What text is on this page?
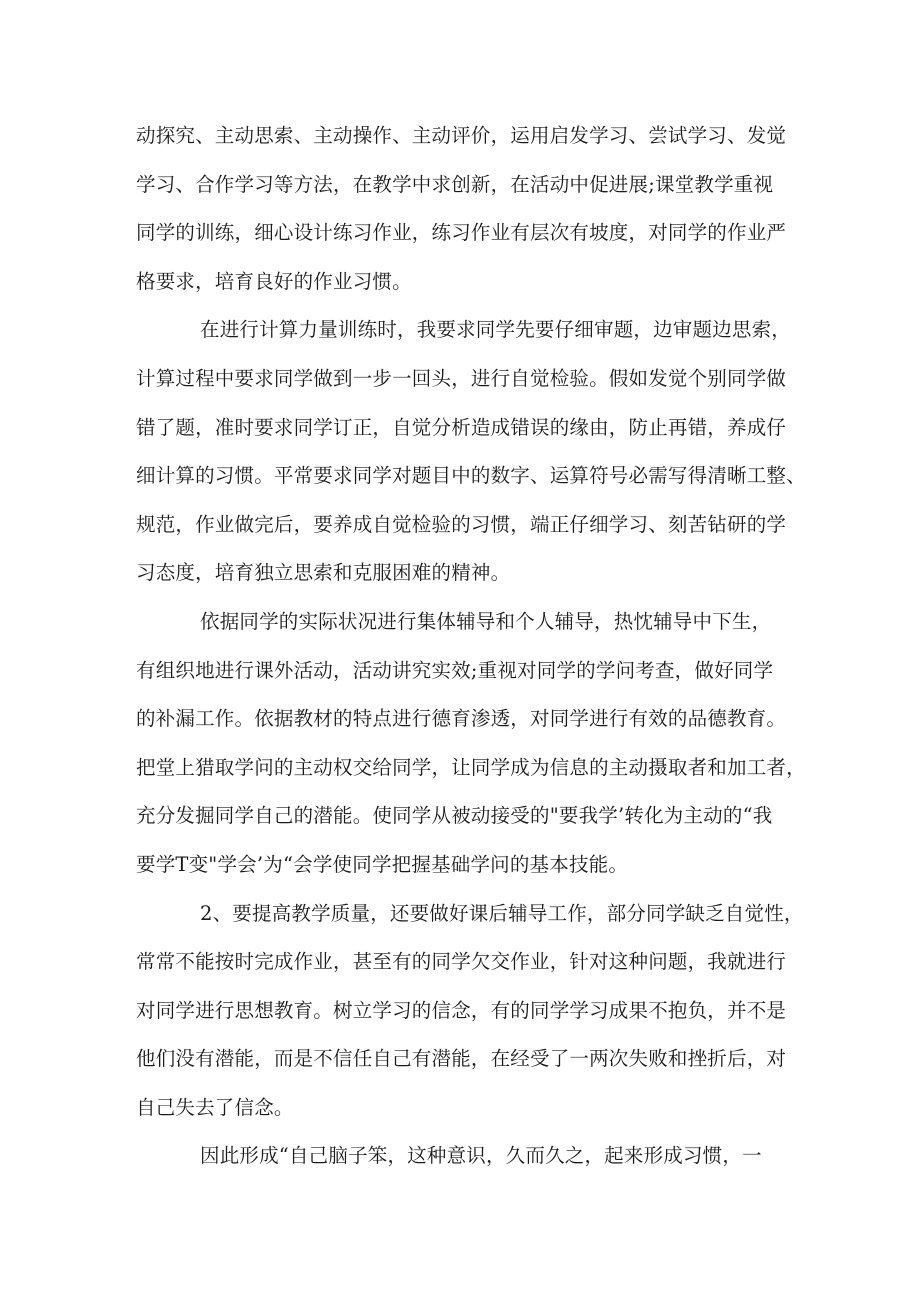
动探究、主动思索、主动操作、主动评价，运用启发学习、尝试学习、发觉
学习、合作学习等方法，在教学中求创新，在活动中促进展;课堂教学重视
同学的训练，细心设计练习作业，练习作业有层次有坡度，对同学的作业严
格要求，培育良好的作业习惯。
在进行计算力量训练时，我要求同学先要仔细审题，边审题边思索，
计算过程中要求同学做到一步一回头，进行自觉检验。假如发觉个别同学做
错了题，准时要求同学订正，自觉分析造成错误的缘由，防止再错，养成仔
细计算的习惯。平常要求同学对题目中的数字、运算符号必需写得清晰工整、
规范，作业做完后，要养成自觉检验的习惯，端正仔细学习、刻苦钻研的学
习态度，培育独立思索和克服困难的精神。
依据同学的实际状况进行集体辅导和个人辅导，热忱辅导中下生，
有组织地进行课外活动，活动讲究实效;重视对同学的学问考查，做好同学
的补漏工作。依据教材的特点进行德育渗透，对同学进行有效的品德教育。
把堂上猎取学问的主动权交给同学，让同学成为信息的主动摄取者和加工者，
充分发掘同学自己的潜能。使同学从被动接受的"要我学’转化为主动的“我
要学T变"学会’为“会学使同学把握基础学问的基本技能。
2、要提高教学质量，还要做好课后辅导工作，部分同学缺乏自觉性，
常常不能按时完成作业，甚至有的同学欠交作业，针对这种问题，我就进行
对同学进行思想教育。树立学习的信念，有的同学学习成果不抱负，并不是
他们没有潜能，而是不信任自己有潜能，在经受了一两次失败和挫折后，对
自己失去了信念。
因此形成“自己脑子笨，这种意识，久而久之，起来形成习惯，一
